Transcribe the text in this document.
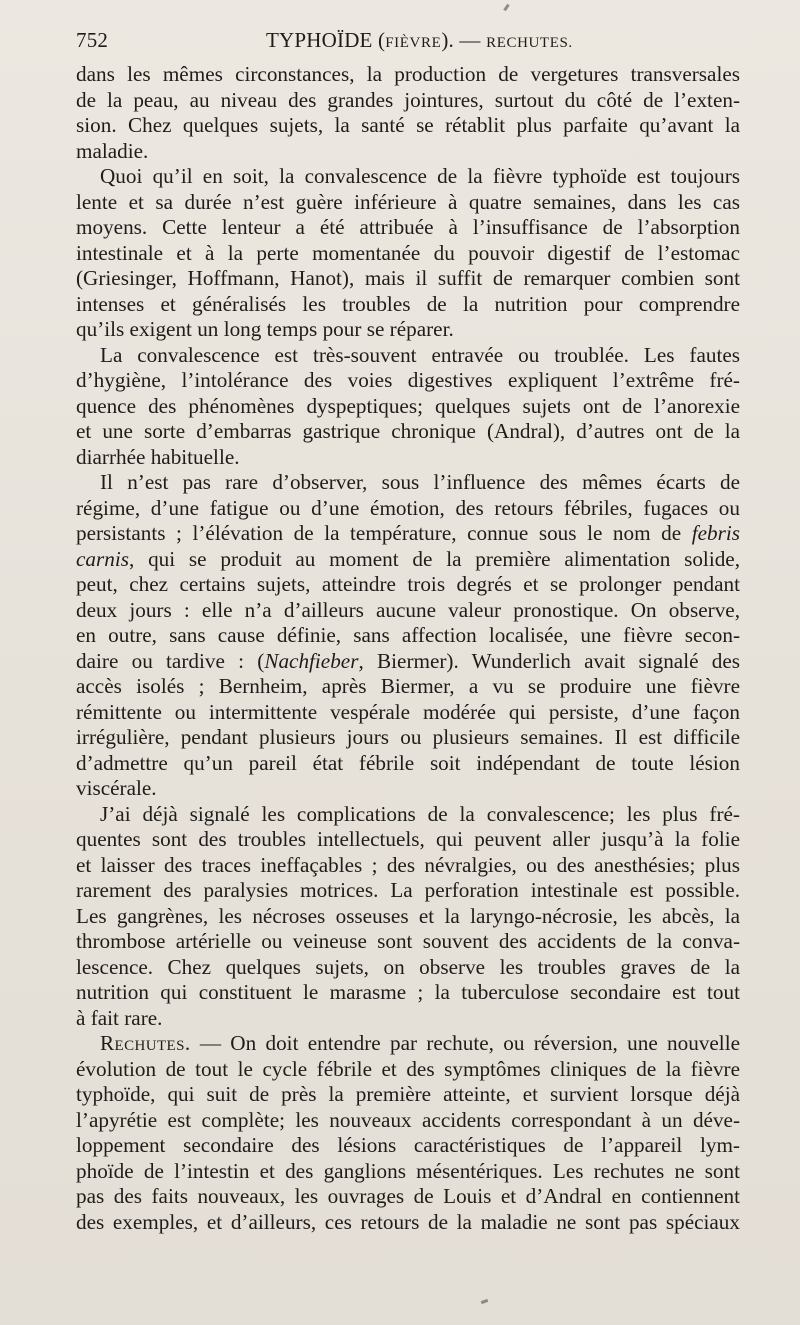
752	TYPHOÏDE (FIÈVRE). — RECHUTES.
dans les mêmes circonstances, la production de vergetures transversales
de la peau, au niveau des grandes jointures, surtout du côté de l’exten-
sion. Chez quelques sujets, la santé se rétablit plus parfaite qu’avant la
maladie.
Quoi qu’il en soit, la convalescence de la fièvre typhoïde est toujours
lente et sa durée n’est guère inférieure à quatre semaines, dans les cas
moyens. Cette lenteur a été attribuée à l’insuffisance de l’absorption
intestinale et à la perte momentanée du pouvoir digestif de l’estomac
(Griesinger, Hoffmann, Hanot), mais il suffit de remarquer combien sont
intenses et généralisés les troubles de la nutrition pour comprendre
qu’ils exigent un long temps pour se réparer.
La convalescence est très-souvent entravée ou troublée. Les fautes
d’hygiène, l’intolérance des voies digestives expliquent l’extrême fré-
quence des phénomènes dyspeptiques; quelques sujets ont de l’anorexie
et une sorte d’embarras gastrique chronique (Andral), d’autres ont de la
diarrhée habituelle.
Il n’est pas rare d’observer, sous l’influence des mêmes écarts de
régime, d’une fatigue ou d’une émotion, des retours fébriles, fugaces ou
persistants ; l’élévation de la température, connue sous le nom de febris
carnis, qui se produit au moment de la première alimentation solide,
peut, chez certains sujets, atteindre trois degrés et se prolonger pendant
deux jours : elle n’a d’ailleurs aucune valeur pronostique. On observe,
en outre, sans cause définie, sans affection localisée, une fièvre secon-
daire ou tardive : (Nachfieber, Biermer). Wunderlich avait signalé des
accès isolés ; Bernheim, après Biermer, a vu se produire une fièvre
rémittente ou intermittente vespérale modérée qui persiste, d’une façon
irrégulière, pendant plusieurs jours ou plusieurs semaines. Il est difficile
d’admettre qu’un pareil état fébrile soit indépendant de toute lésion
viscérale.
J’ai déjà signalé les complications de la convalescence; les plus fré-
quentes sont des troubles intellectuels, qui peuvent aller jusqu’à la folie
et laisser des traces ineffaçables ; des névralgies, ou des anesthésies; plus
rarement des paralysies motrices. La perforation intestinale est possible.
Les gangrènes, les nécroses osseuses et la laryngo-nécrosie, les abcès, la
thrombose artérielle ou veineuse sont souvent des accidents de la conva-
lescence. Chez quelques sujets, on observe les troubles graves de la
nutrition qui constituent le marasme ; la tuberculose secondaire est tout
à fait rare.
Rechutes. — On doit entendre par rechute, ou réversion, une nouvelle
évolution de tout le cycle fébrile et des symptômes cliniques de la fièvre
typhoïde, qui suit de près la première atteinte, et survient lorsque déjà
l’apyrétie est complète; les nouveaux accidents correspondant à un déve-
loppement secondaire des lésions caractéristiques de l’appareil lym-
phoïde de l’intestin et des ganglions mésentériques. Les rechutes ne sont
pas des faits nouveaux, les ouvrages de Louis et d’Andral en contiennent
des exemples, et d’ailleurs, ces retours de la maladie ne sont pas spéciaux
